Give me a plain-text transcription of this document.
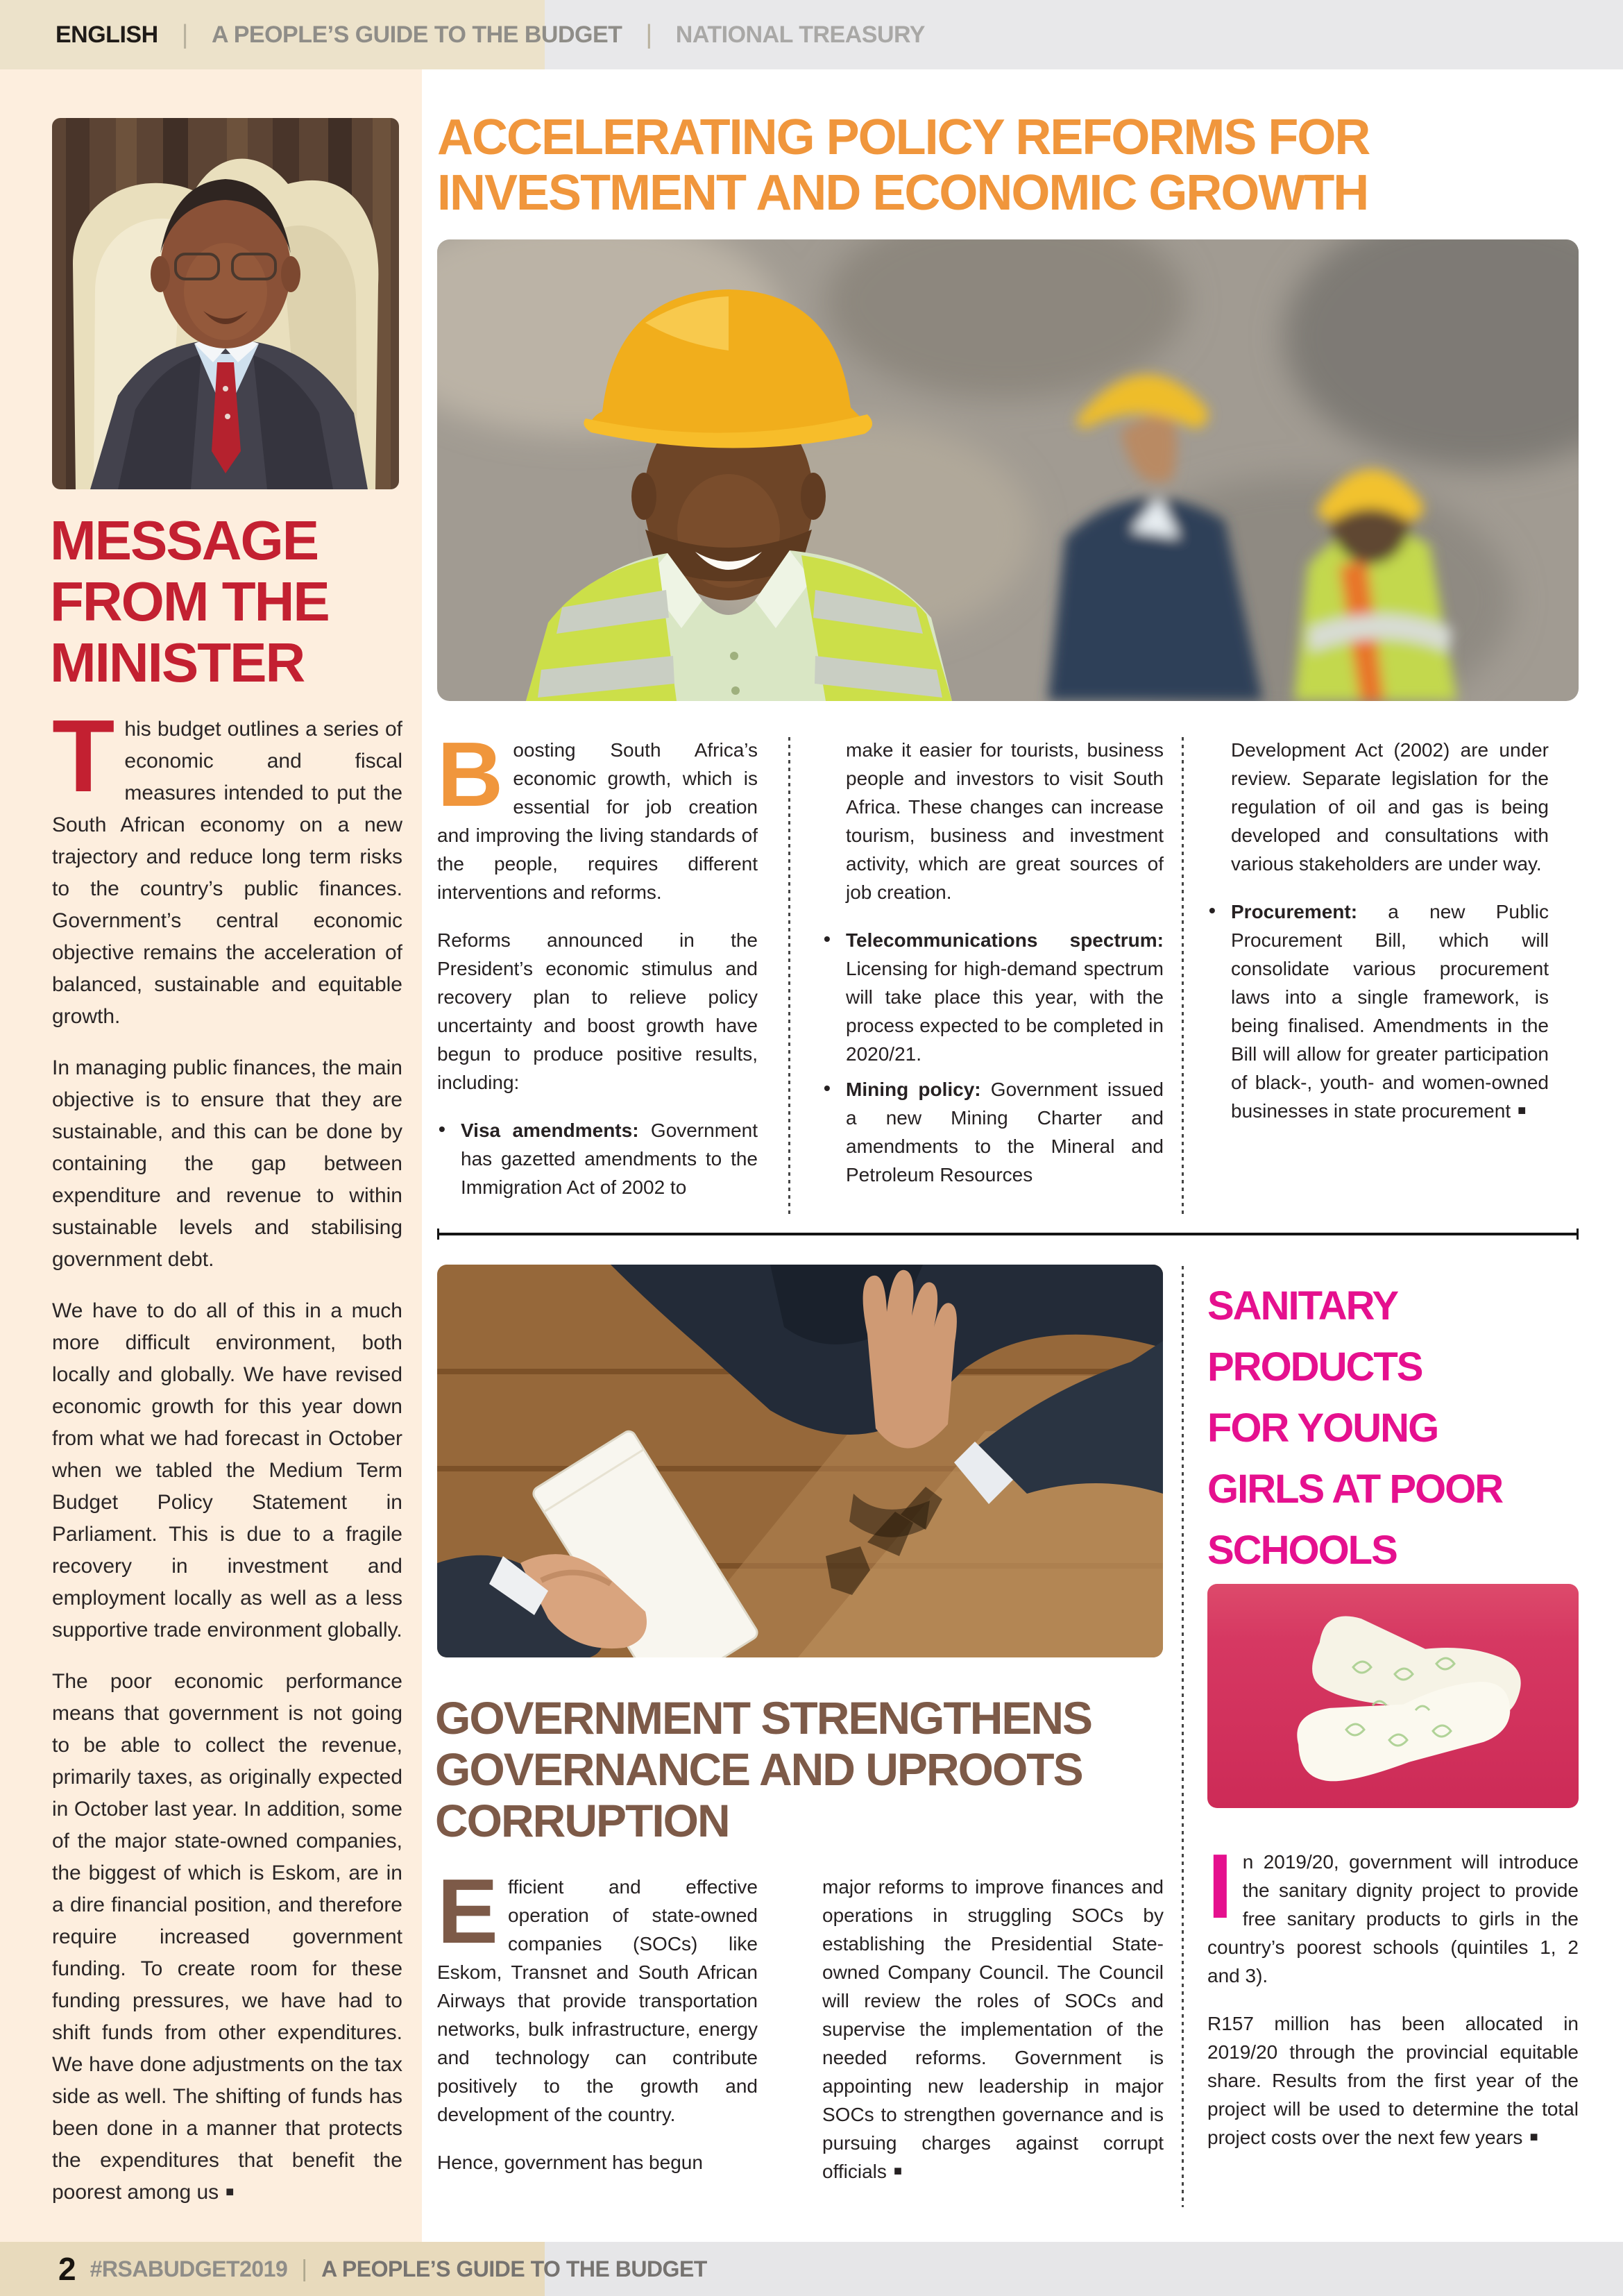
ENGLISH | A PEOPLE’S GUIDE TO THE BUDGET | NATIONAL TREASURY
MESSAGE
FROM THE
MINISTER

This budget outlines a series of economic and fiscal measures intended to put the South African economy on a new trajectory and reduce long term risks to the country’s public finances. Government’s central economic objective remains the acceleration of balanced, sustainable and equitable growth.

In managing public finances, the main objective is to ensure that they are sustainable, and this can be done by containing the gap between expenditure and revenue to within sustainable levels and stabilising government debt.

We have to do all of this in a much more difficult environment, both locally and globally. We have revised economic growth for this year down from what we had forecast in October when we tabled the Medium Term Budget Policy Statement in Parliament. This is due to a fragile recovery in investment and employment locally as well as a less supportive trade environment globally.

The poor economic performance means that government is not going to be able to collect the revenue, primarily taxes, as originally expected in October last year. In addition, some of the major state-owned companies, the biggest of which is Eskom, are in a dire financial position, and therefore require increased government funding. To create room for these funding pressures, we have had to shift funds from other expenditures. We have done adjustments on the tax side as well. The shifting of funds has been done in a manner that protects the expenditures that benefit the poorest among us ■

ACCELERATING POLICY REFORMS FOR
INVESTMENT AND ECONOMIC GROWTH

Boosting South Africa’s economic growth, which is essential for job creation and improving the living standards of the people, requires different interventions and reforms.

Reforms announced in the President’s economic stimulus and recovery plan to relieve policy uncertainty and boost growth have begun to produce positive results, including:

• Visa amendments: Government has gazetted amendments to the Immigration Act of 2002 to

make it easier for tourists, business people and investors to visit South Africa. These changes can increase tourism, business and investment activity, which are great sources of job creation.

• Telecommunications spectrum: Licensing for high-demand spectrum will take place this year, with the process expected to be completed in 2020/21.
• Mining policy: Government issued a new Mining Charter and amendments to the Mineral and Petroleum Resources

Development Act (2002) are under review. Separate legislation for the regulation of oil and gas is being developed and consultations with various stakeholders are under way.

• Procurement: a new Public Procurement Bill, which will consolidate various procurement laws into a single framework, is being finalised. Amendments in the Bill will allow for greater participation of black-, youth- and women-owned businesses in state procurement ■
GOVERNMENT STRENGTHENS
GOVERNANCE AND UPROOTS
CORRUPTION

Efficient and effective operation of state-owned companies (SOCs) like Eskom, Transnet and South African Airways that provide transportation networks, bulk infrastructure, energy and technology can contribute positively to the growth and development of the country.

Hence, government has begun

major reforms to improve finances and operations in struggling SOCs by establishing the Presidential State-owned Company Council. The Council will review the roles of SOCs and supervise the implementation of the needed reforms. Government is appointing new leadership in major SOCs to strengthen governance and is pursuing charges against corrupt officials ■

SANITARY
PRODUCTS
FOR YOUNG
GIRLS AT POOR
SCHOOLS

In 2019/20, government will introduce the sanitary dignity project to provide free sanitary products to girls in the country’s poorest schools (quintiles 1, 2 and 3).

R157 million has been allocated in 2019/20 through the provincial equitable share. Results from the first year of the project will be used to determine the total project costs over the next few years ■

2 #RSABUDGET2019 | A PEOPLE’S GUIDE TO THE BUDGET
